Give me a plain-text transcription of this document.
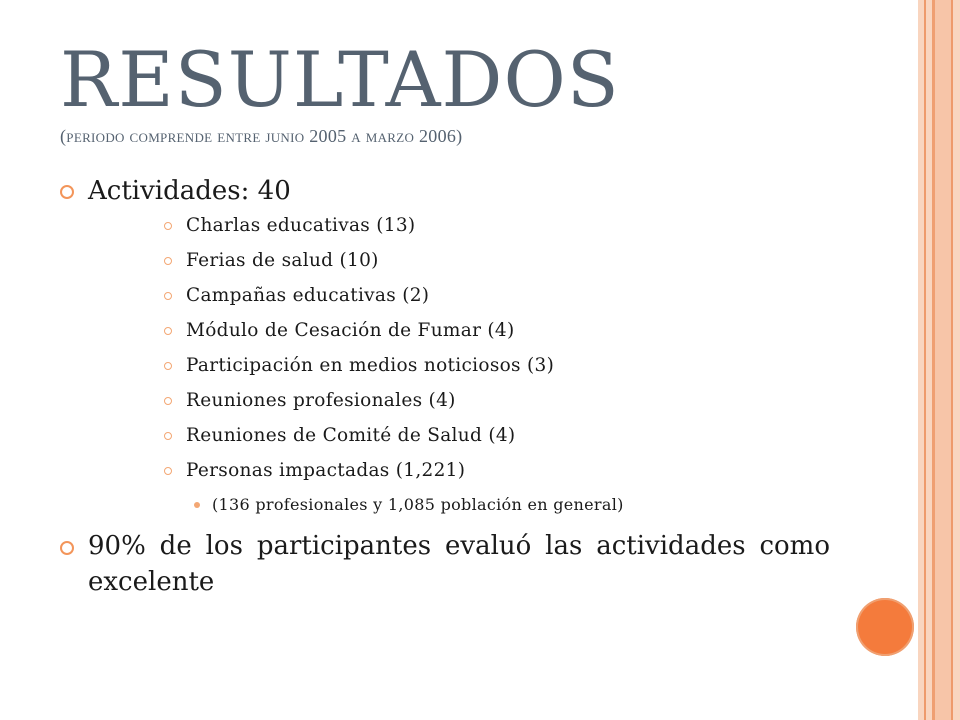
RESULTADOS
(periodo comprende entre junio 2005 a marzo 2006)
Actividades: 40
Charlas educativas (13)
Ferias de salud (10)
Campañas educativas (2)
Módulo de Cesación de Fumar (4)
Participación en medios noticiosos (3)
Reuniones profesionales (4)
Reuniones de Comité de Salud (4)
Personas impactadas (1,221)
(136 profesionales y 1,085 población en general)
90% de los participantes evaluó las actividades como excelente
